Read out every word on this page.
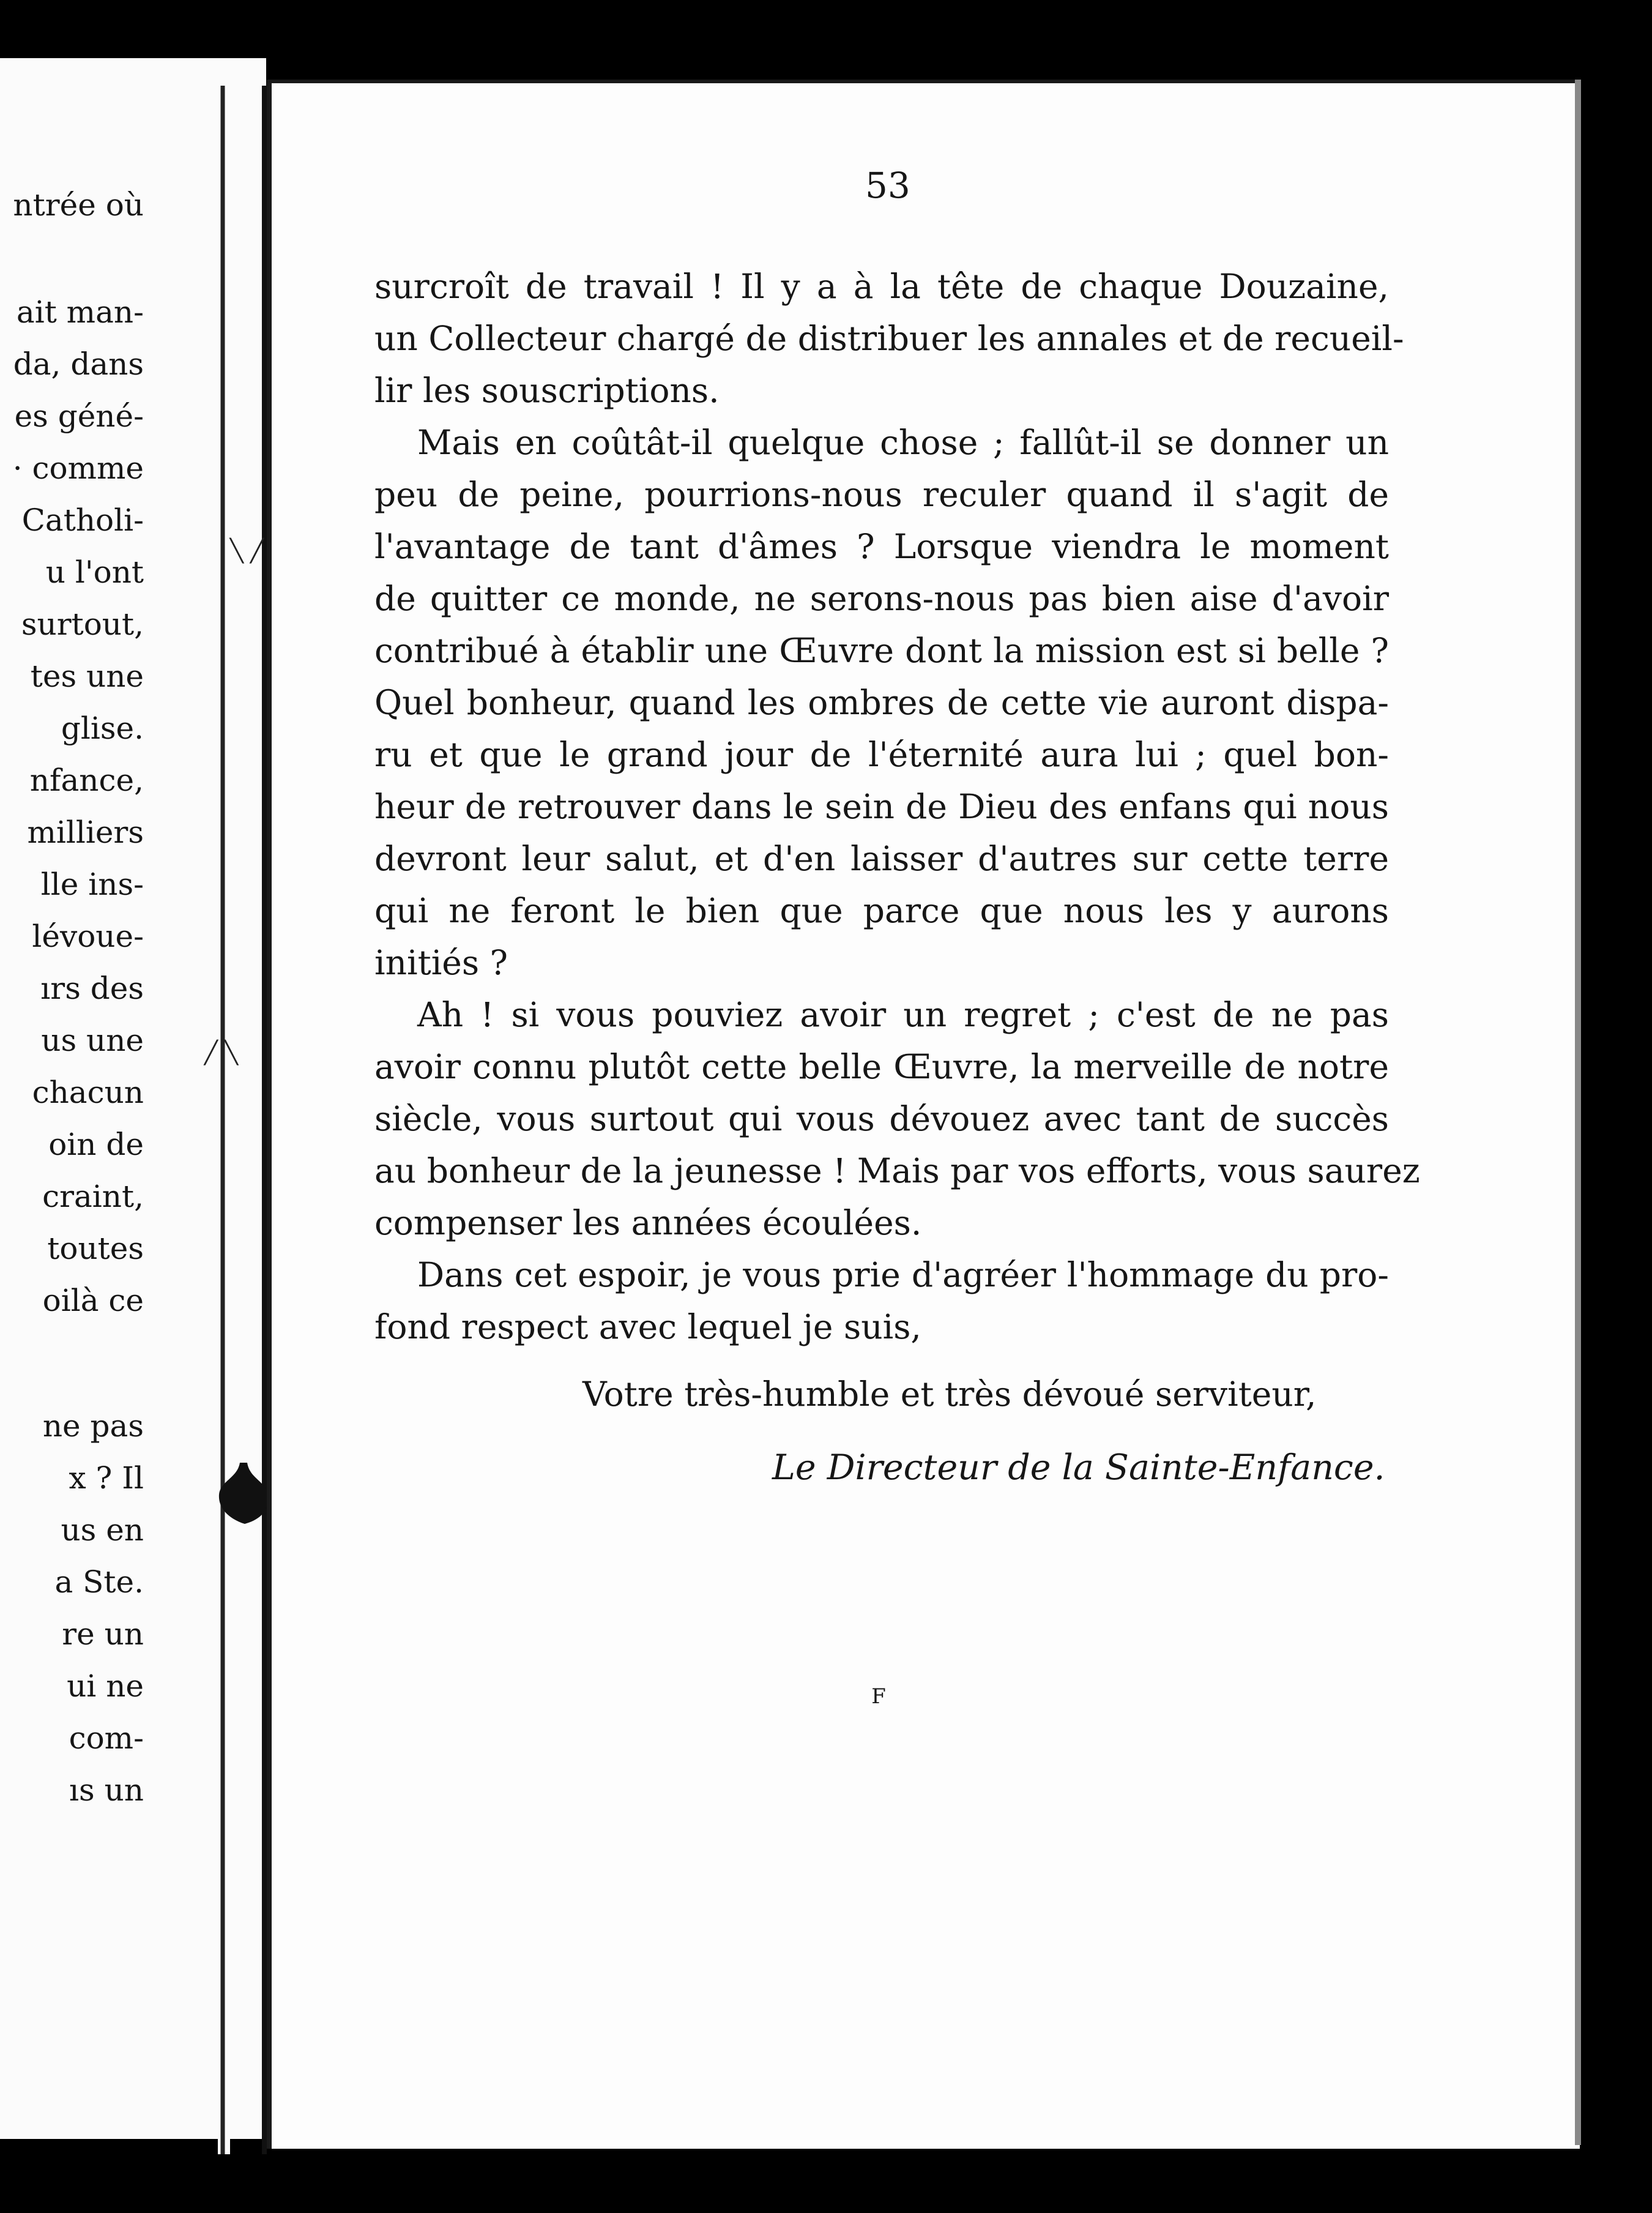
ntrée où
ait man-
da, dans
es géné-
· comme
Catholi-
u l'ont
surtout,
tes une
glise.
nfance,
milliers
lle ins-
lévoue-
ırs des
us une
chacun
oin de
craint,
toutes
oilà ce
ne pas
x ? Il
us en
a Ste.
re un
ui ne
com-
ıs un
╲ ╱
╱ ╲
53
surcroît de travail ! Il y a à la tête de chaque Douzaine,
un Collecteur chargé de distribuer les annales et de recueil-
lir les souscriptions.
Mais en coûtât-il quelque chose ; fallût-il se donner un
peu de peine, pourrions-nous reculer quand il s'agit de
l'avantage de tant d'âmes ? Lorsque viendra le moment
de quitter ce monde, ne serons-nous pas bien aise d'avoir
contribué à établir une Œuvre dont la mission est si belle ?
Quel bonheur, quand les ombres de cette vie auront dispa-
ru et que le grand jour de l'éternité aura lui ; quel bon-
heur de retrouver dans le sein de Dieu des enfans qui nous
devront leur salut, et d'en laisser d'autres sur cette terre
qui ne feront le bien que parce que nous les y aurons
initiés ?
Ah ! si vous pouviez avoir un regret ; c'est de ne pas
avoir connu plutôt cette belle Œuvre, la merveille de notre
siècle, vous surtout qui vous dévouez avec tant de succès
au bonheur de la jeunesse ! Mais par vos efforts, vous saurez
compenser les années écoulées.
Dans cet espoir, je vous prie d'agréer l'hommage du pro-
fond respect avec lequel je suis,
Votre très-humble et très dévoué serviteur,
Le Directeur de la Sainte-Enfance.
F
